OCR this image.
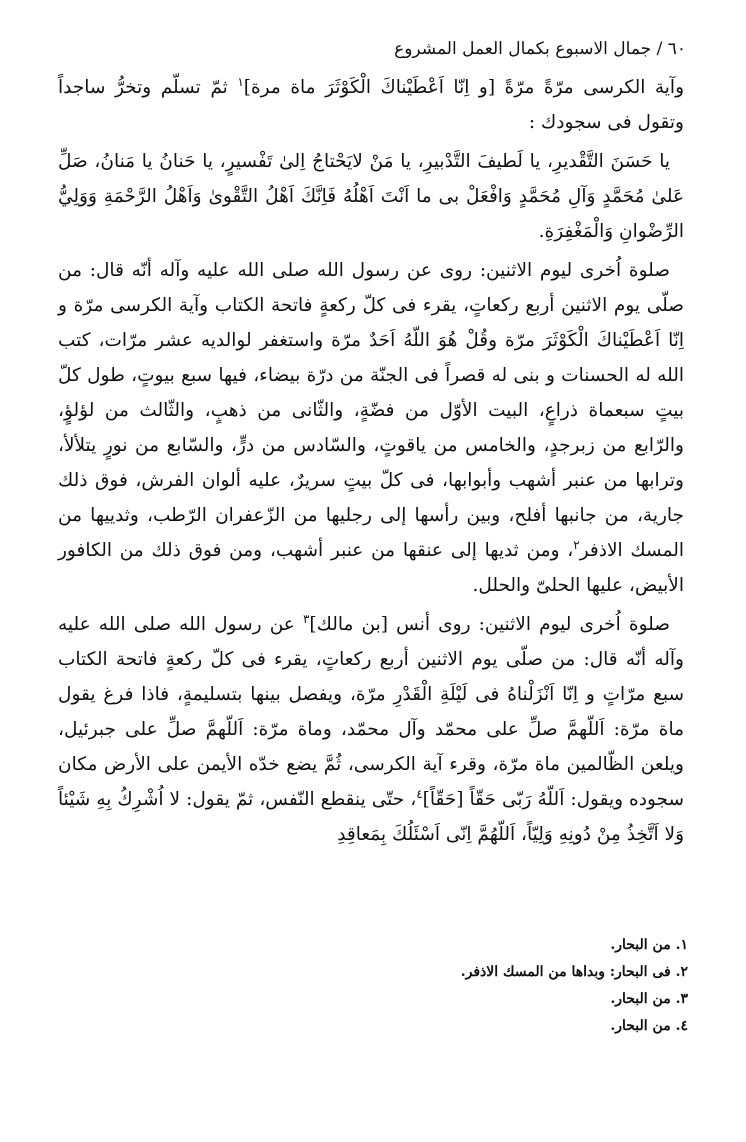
٦٠ / جمال الاسبوع بكمال العمل المشروع

وآية الكرسى مرّةً مرّةً [و اِنّا اَعْطَيْناكَ الْكَوْثَرَ ماة مرة]$^١$ ثمّ تسلّم وتخرُّ ساجداً وتقول فى سجودك :

يا حَسَنَ التَّقْديرِ، يا لَطيفَ التَّدْبيرِ، يا مَنْ لايَحْتاجُ اِلىٰ تَفْسيرٍ، يا حَنانُ يا مَنانُ، صَلِّ عَلىٰ مُحَمَّدٍ وَآلِ مُحَمَّدٍ وَافْعَلْ بى ما اَنْتَ اَهْلُهُ فَاِنَّكَ اَهْلُ التَّقْوىٰ وَاَهْلُ الرَّحْمَةِ وَوَلِيُّ الرِّضْوانِ وَالْمَغْفِرَةِ.

صلوة اُخرى ليوم الاثنين: روى عن رسول الله صلى الله عليه وآله أنّه قال: من صلّى يوم الاثنين أربع ركعاتٍ، يقرء فى كلّ ركعةٍ فاتحة الكتاب وآية الكرسى مرّة و اِنّا اَعْطَيْناكَ الْكَوْثَرَ مرّة وقُلْ هُوَ اللّهُ اَحَدٌ مرّة واستغفر لوالديه عشر مرّات، كتب الله له الحسنات و بنى له قصراً فى الجنّة من درّة بيضاء، فيها سبع بيوتٍ، طول كلّ بيتٍ سبعماة ذراعٍ، البيت الأوّل من فضّةٍ، والثّانى من ذهبٍ، والثّالث من لؤلؤٍ، والرّابع من زبرجدٍ، والخامس من ياقوتٍ، والسّادس من درٍّ، والسّابع من نورٍ يتلألأ، وترابها من عنبر أشهب وأبوابها، فى كلّ بيتٍ سريرٌ، عليه ألوان الفرش، فوق ذلك جارية، من جانبها أفلح، وبين رأسها إلى رجليها من الزّعفران الرّطب، وثدييها من المسك الاذفر$^٢$، ومن ثديها إلى عنقها من عنبر أشهب، ومن فوق ذلك من الكافور الأبيض، عليها الحلىّ والحلل.

صلوة اُخرى ليوم الاثنين: روى أنس [بن مالك]$^٣$ عن رسول الله صلى الله عليه وآله أنّه قال: من صلّى يوم الاثنين أربع ركعاتٍ، يقرء فى كلّ ركعةٍ فاتحة الكتاب سبع مرّاتٍ و اِنّا اَنْزَلْناهُ فى لَيْلَةِ الْقَدْرِ مرّة، ويفصل بينها بتسليمةٍ، فاذا فرغ يقول ماة مرّة: اَللّهمَّ صلِّ على محمّد وآل محمّد، وماة مرّة: اَللّهمَّ صلِّ على جبرئيل، ويلعن الظّالمين ماة مرّة، وقرء آية الكرسى، ثُمَّ يضع خدّه الأيمن على الأرض مكان سجوده ويقول: اَللّهُ رَبّى حَقّاً [حَقّاً]$^٤$، حتّى ينقطع النّفس، ثمّ يقول: لا اُشْرِكُ بِهِ شَيْئاً وَلا اَتَّخِذُ مِنْ دُونِهِ وَلِيّاً، اَللّهُمَّ اِنّى اَسْئَلُكَ بِمَعاقِدِ

١. من البحار.
٢. فى البحار: وبداها من المسك الاذفر.
٣. من البحار.
٤. من البحار.
